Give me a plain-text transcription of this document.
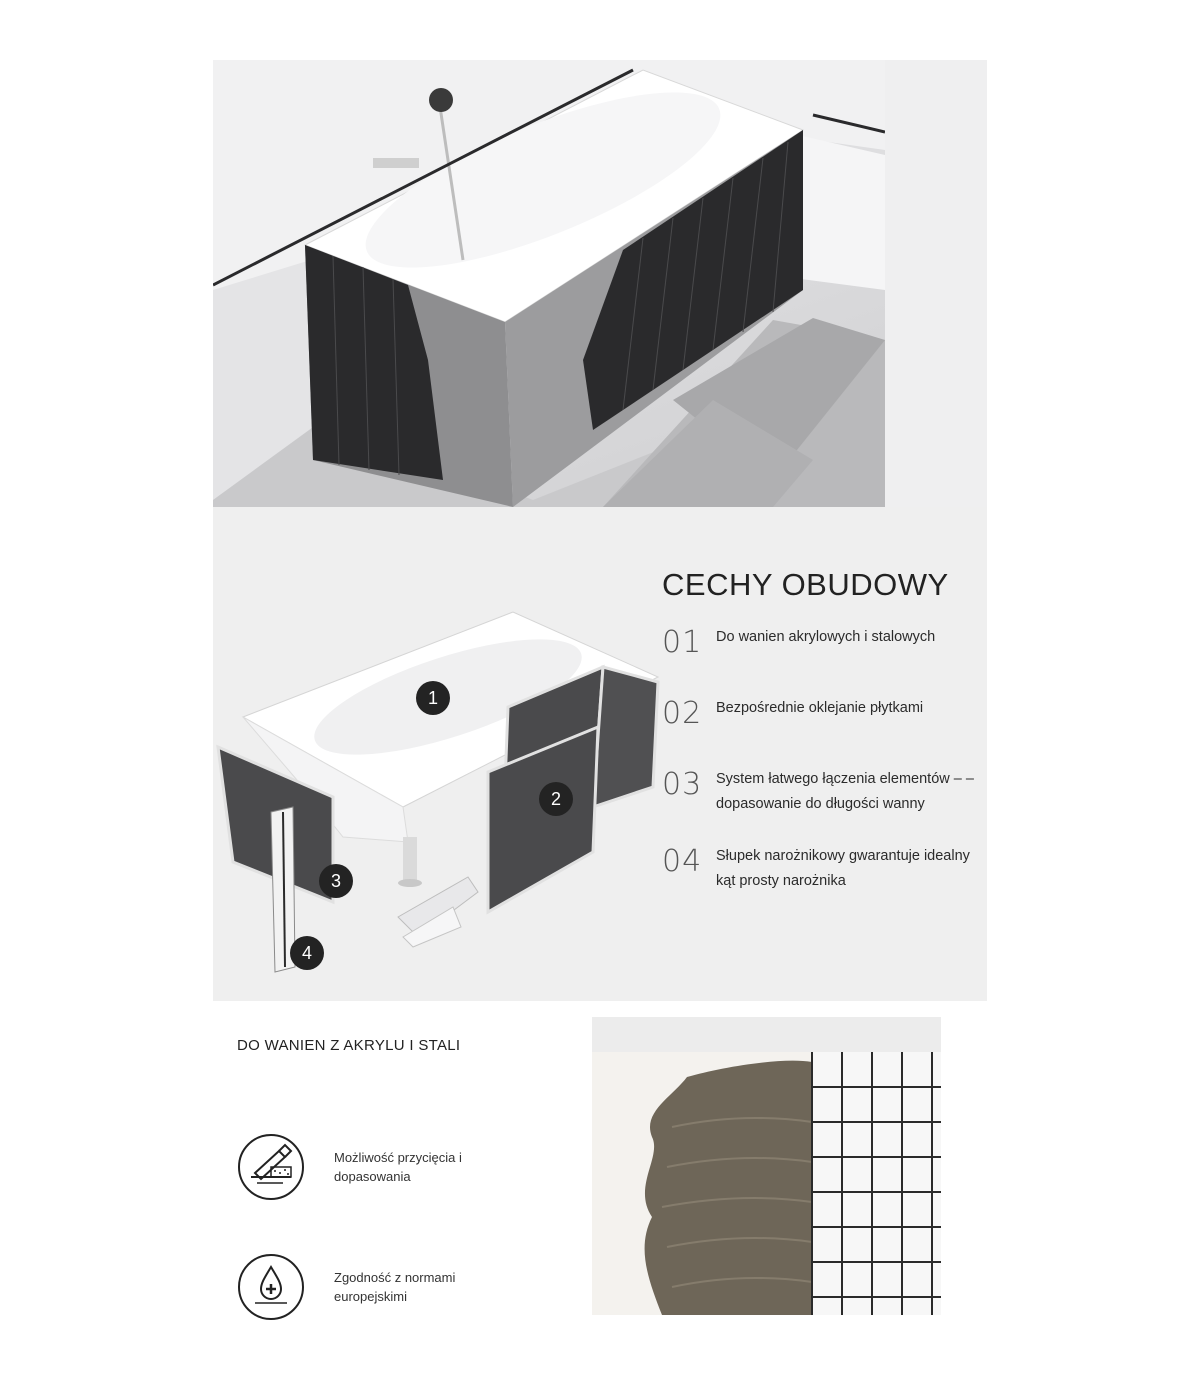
1
2
3
4
CECHY OBUDOWY
01 Do wanien akrylowych i stalowych
02 Bezpośrednie oklejanie płytkami
03 System łatwego łączenia elementów – – dopasowanie do długości wanny
04 Słupek narożnikowy gwarantuje idealny kąt prosty narożnika
DO WANIEN Z AKRYLU I STALI
Możliwość przycięcia i dopasowania
Zgodność z normami europejskimi
